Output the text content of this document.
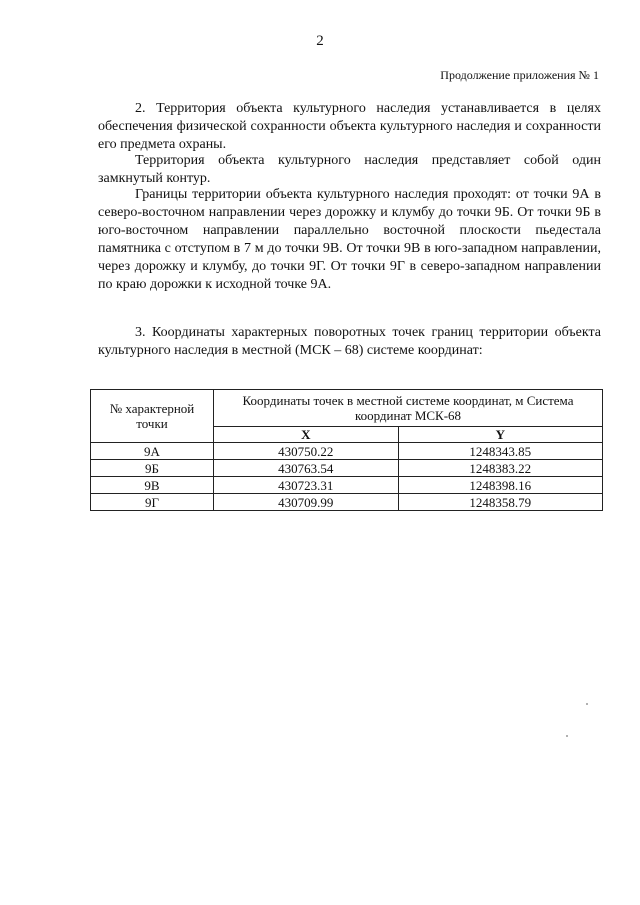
2
Продолжение приложения № 1

2. Территория объекта культурного наследия устанавливается в целях обеспечения физической сохранности объекта культурного наследия и сохранности его предмета охраны.

Территория объекта культурного наследия представляет собой один замкнутый контур.

Границы территории объекта культурного наследия проходят: от точки 9А в северо-восточном направлении через дорожку и клумбу до точки 9Б. От точки 9Б в юго-восточном направлении параллельно восточной плоскости пьедестала памятника с отступом в 7 м до точки 9В. От точки 9В в юго-западном направлении, через дорожку и клумбу, до точки 9Г. От точки 9Г в северо-западном направлении по краю дорожки к исходной точке 9А.

3. Координаты характерных поворотных точек границ территории объекта культурного наследия в местной (МСК – 68) системе координат:

№ характерной точки	Координаты точек в местной системе координат, м Система координат МСК-68	
	X	Y
9А	430750.22	1248343.85
9Б	430763.54	1248383.22
9В	430723.31	1248398.16
9Г	430709.99	1248358.79
